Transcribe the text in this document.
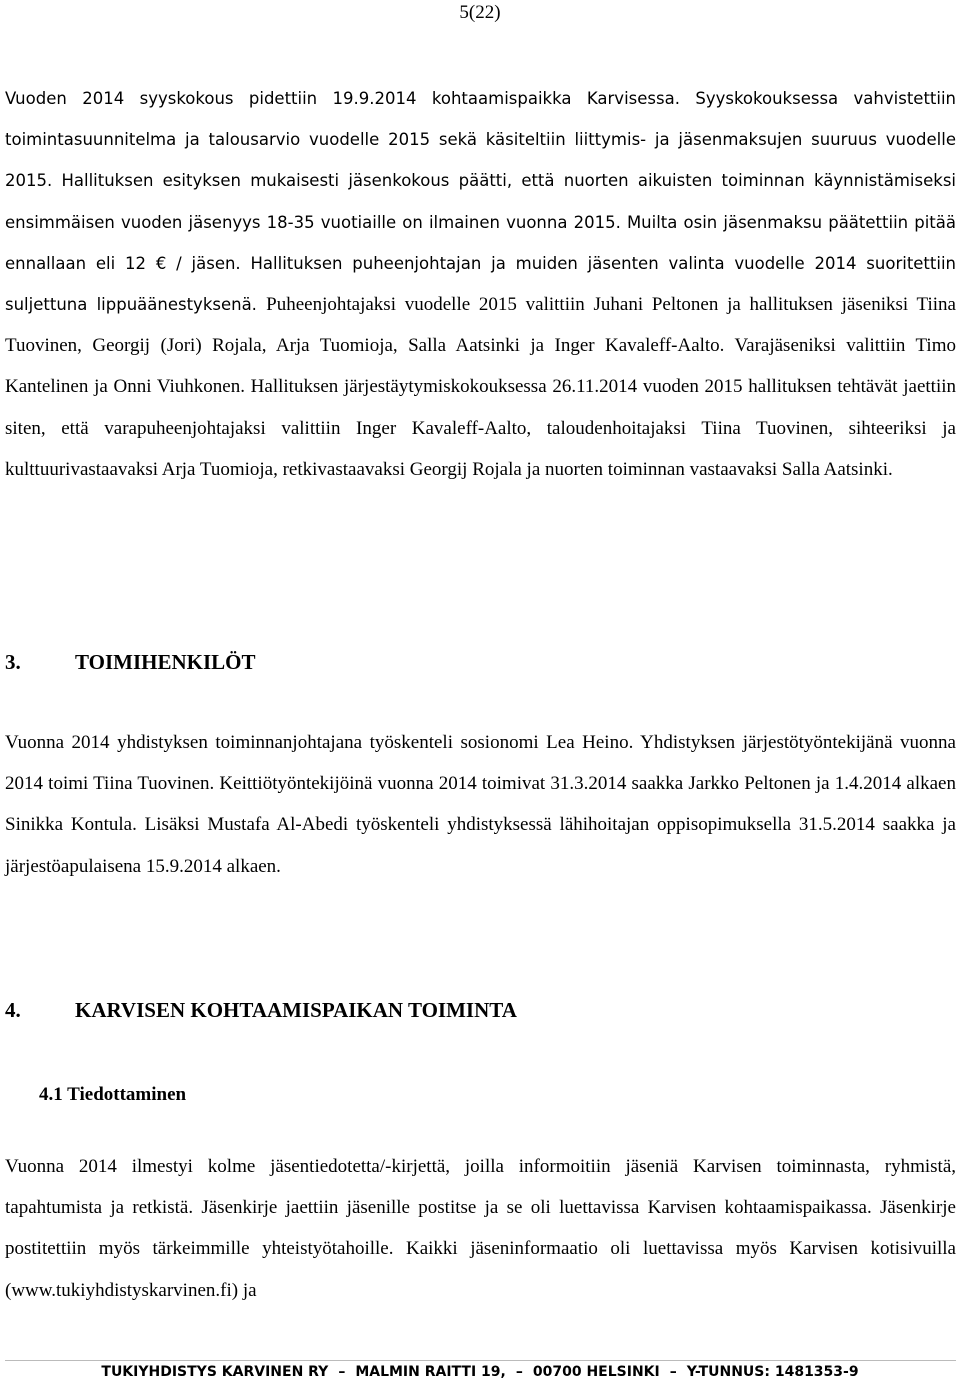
5(22)

Vuoden 2014 syyskokous pidettiin 19.9.2014 kohtaamispaikka Karvisessa. Syyskokouksessa vahvistettiin toimintasuunnitelma ja talousarvio vuodelle 2015 sekä käsiteltiin liittymis- ja jäsenmaksujen suuruus vuodelle 2015. Hallituksen esityksen mukaisesti jäsenkokous päätti, että nuorten aikuisten toiminnan käynnistämiseksi ensimmäisen vuoden jäsenyys 18-35 vuotiaille on ilmainen vuonna 2015. Muilta osin jäsenmaksu päätettiin pitää ennallaan eli 12 € / jäsen. Hallituksen puheenjohtajan ja muiden jäsenten valinta vuodelle 2014 suoritettiin suljettuna lippuäänestyksenä. Puheenjohtajaksi vuodelle 2015 valittiin Juhani Peltonen ja hallituksen jäseniksi Tiina Tuovinen, Georgij (Jori) Rojala, Arja Tuomioja, Salla Aatsinki ja Inger Kavaleff-Aalto. Varajäseniksi valittiin Timo Kantelinen ja Onni Viuhkonen. Hallituksen järjestäytymiskokouksessa 26.11.2014 vuoden 2015 hallituksen tehtävät jaettiin siten, että varapuheenjohtajaksi valittiin Inger Kavaleff-Aalto, taloudenhoitajaksi Tiina Tuovinen, sihteeriksi ja kulttuurivastaavaksi Arja Tuomioja, retkivastaavaksi Georgij Rojala ja nuorten toiminnan vastaavaksi Salla Aatsinki.

3.	TOIMIHENKILÖT

Vuonna 2014 yhdistyksen toiminnanjohtajana työskenteli sosionomi Lea Heino. Yhdistyksen järjestötyöntekijänä vuonna 2014 toimi Tiina Tuovinen. Keittiötyöntekijöinä vuonna 2014 toimivat 31.3.2014 saakka Jarkko Peltonen ja 1.4.2014 alkaen Sinikka Kontula. Lisäksi Mustafa Al-Abedi työskenteli yhdistyksessä lähihoitajan oppisopimuksella 31.5.2014 saakka ja järjestöapulaisena 15.9.2014 alkaen.

4.	KARVISEN KOHTAAMISPAIKAN TOIMINTA
4.1 Tiedottaminen

Vuonna 2014 ilmestyi kolme jäsentiedotetta/-kirjettä, joilla informoitiin jäseniä Karvisen toiminnasta, ryhmistä, tapahtumista ja retkistä. Jäsenkirje jaettiin jäsenille postitse ja se oli luettavissa Karvisen kohtaamispaikassa. Jäsenkirje postitettiin myös tärkeimmille yhteistyötahoille. Kaikki jäseninformaatio oli luettavissa myös Karvisen kotisivuilla (www.tukiyhdistyskarvinen.fi) ja

TUKIYHDISTYS KARVINEN RY – MALMIN RAITTI 19, – 00700 HELSINKI – Y-TUNNUS: 1481353-9
